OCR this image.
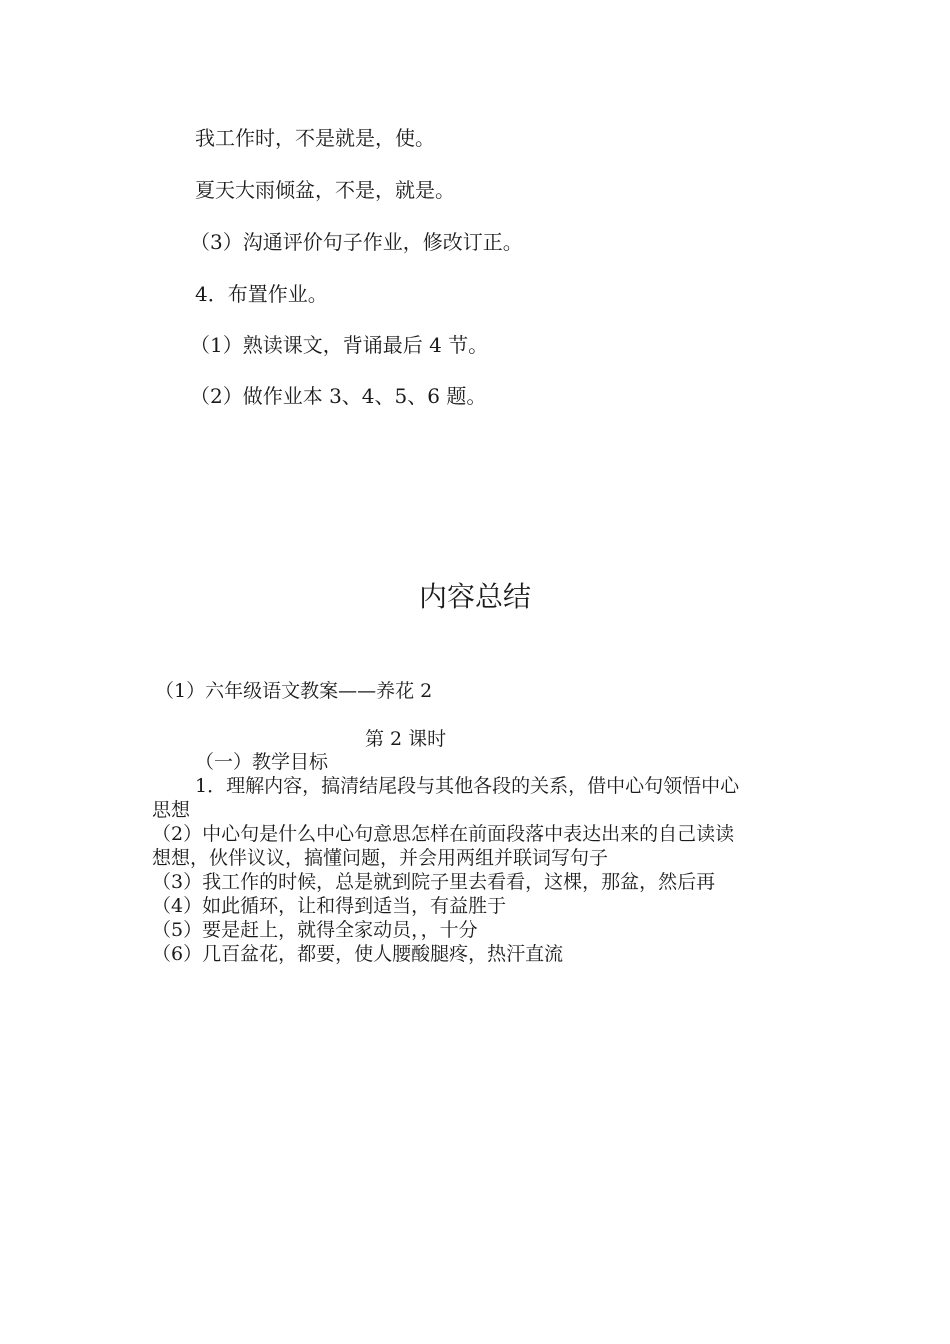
我工作时，不是就是，使。
夏天大雨倾盆，不是，就是。
（3）沟通评价句子作业，修改订正。
4．布置作业。
（1）熟读课文，背诵最后 4 节。
（2）做作业本 3、4、5、6 题。
内容总结
（1）六年级语文教案——养花 2
第 2 课时
（一）教学目标
1．理解内容，搞清结尾段与其他各段的关系，借中心句领悟中心
思想
（2）中心句是什么中心句意思怎样在前面段落中表达出来的自己读读
想想，伙伴议议，搞懂问题，并会用两组并联词写句子
（3）我工作的时候，总是就到院子里去看看，这棵，那盆，然后再
（4）如此循环，让和得到适当，有益胜于
（5）要是赶上，就得全家动员，，十分
（6）几百盆花，都要，使人腰酸腿疼，热汗直流
